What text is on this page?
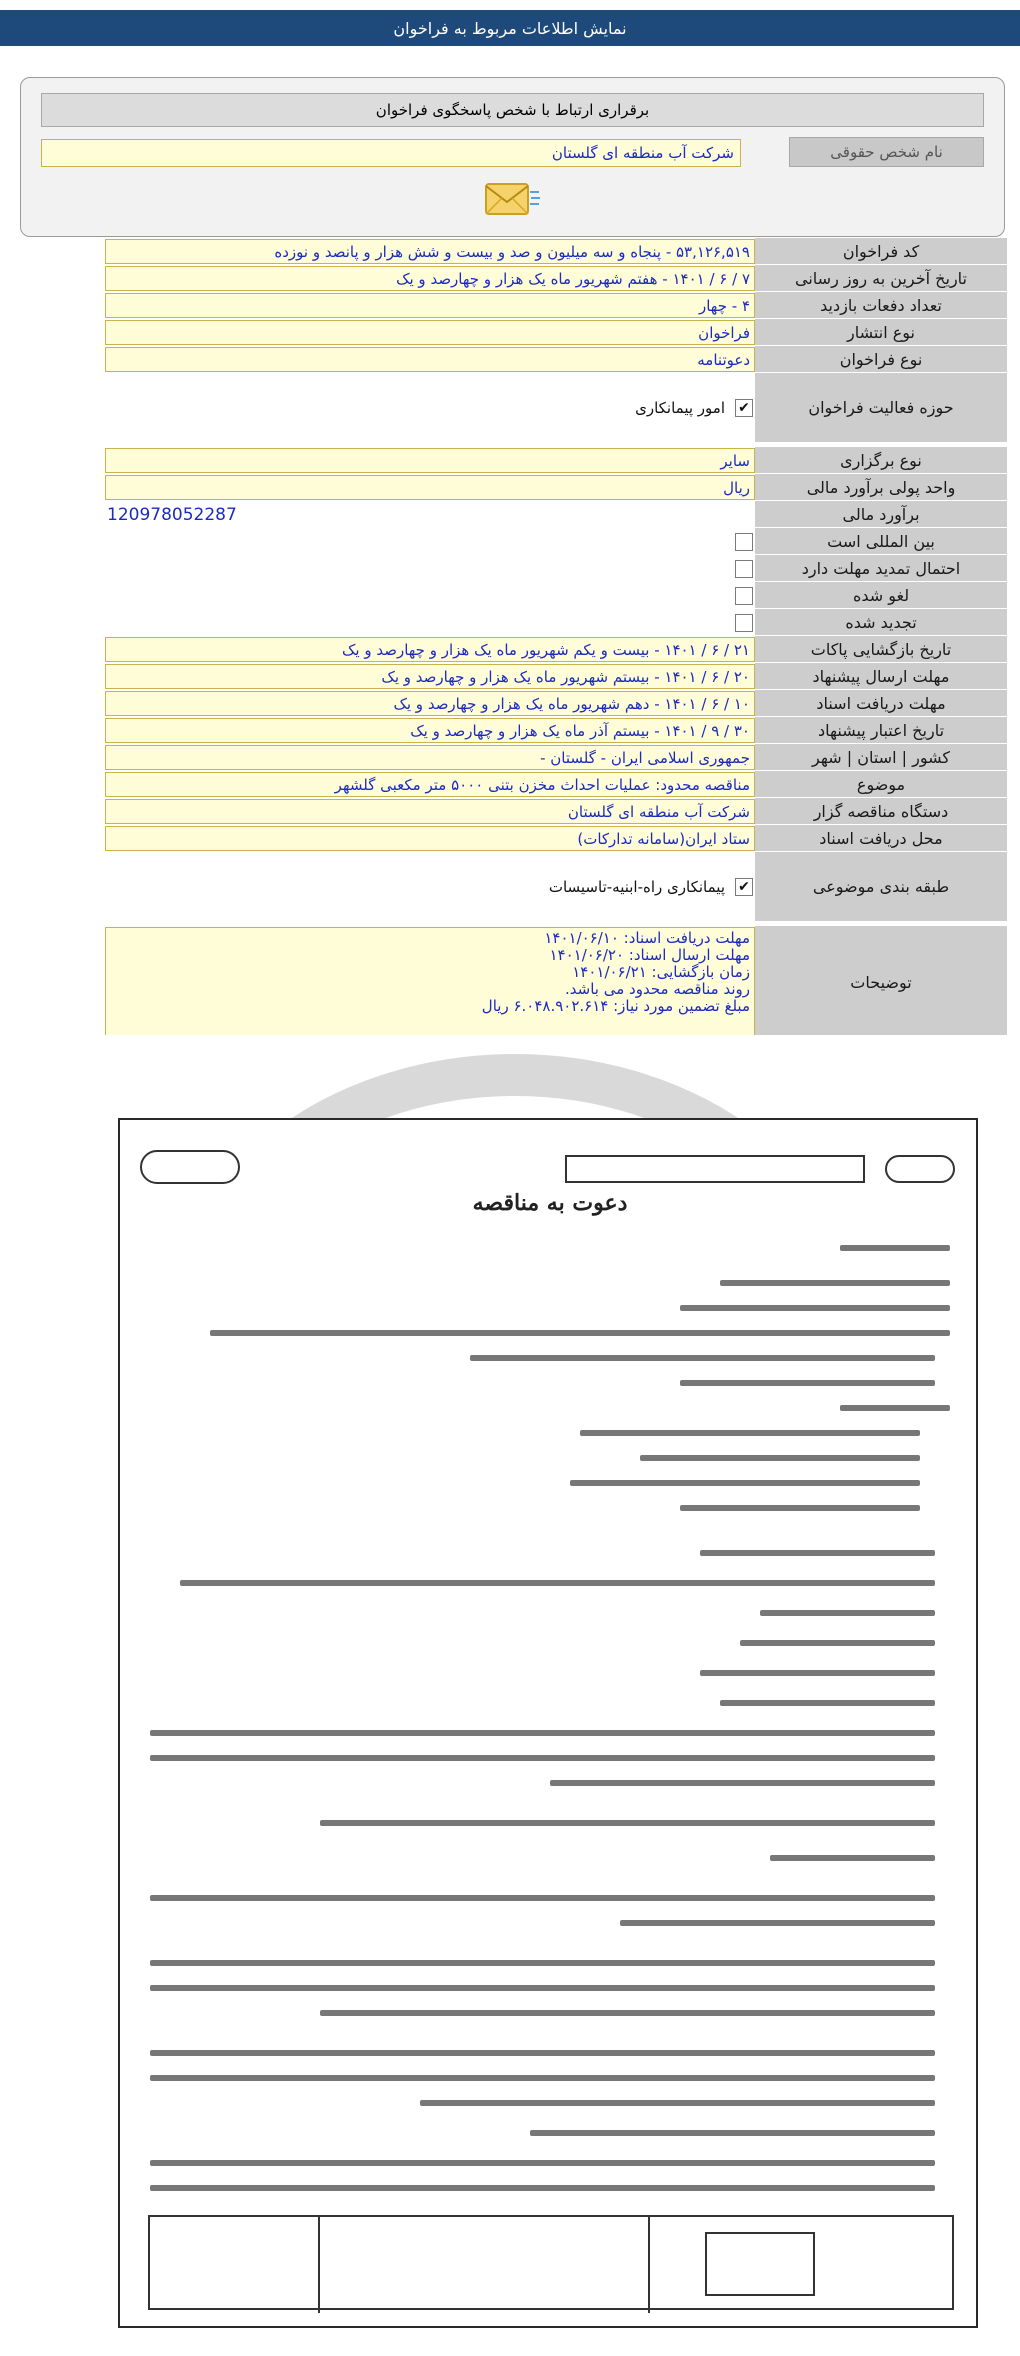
نمایش اطلاعات مربوط به فراخوان
برقراری ارتباط با شخص پاسخگوی فراخوان
نام شخص حقوقی
شرکت آب منطقه ای گلستان
کد فراخوان
۵۳,۱۲۶,۵۱۹ - پنجاه و سه میلیون و صد و بیست و شش هزار و پانصد و نوزده
تاریخ آخرین به روز رسانی
۷ / ۶ / ۱۴۰۱ - هفتم شهریور ماه یک هزار و چهارصد و یک
تعداد دفعات بازدید
۴ - چهار
نوع انتشار
فراخوان
نوع فراخوان
دعوتنامه
حوزه فعالیت فراخوان
✔
امور پیمانکاری
نوع برگزاری
سایر
واحد پولی برآورد مالی
ریال
برآورد مالی
120978052287
بین المللی است
احتمال تمدید مهلت دارد
لغو شده
تجدید شده
تاریخ بازگشایی پاکات
۲۱ / ۶ / ۱۴۰۱ - بیست و یکم شهریور ماه یک هزار و چهارصد و یک
مهلت ارسال پیشنهاد
۲۰ / ۶ / ۱۴۰۱ - بیستم شهریور ماه یک هزار و چهارصد و یک
مهلت دریافت اسناد
۱۰ / ۶ / ۱۴۰۱ - دهم شهریور ماه یک هزار و چهارصد و یک
تاریخ اعتبار پیشنهاد
۳۰ / ۹ / ۱۴۰۱ - بیستم آذر ماه یک هزار و چهارصد و یک
کشور | استان | شهر
جمهوری اسلامی ایران - گلستان -
موضوع
مناقصه محدود: عملیات احداث مخزن بتنی ۵۰۰۰ متر مکعبی گلشهر
دستگاه مناقصه گزار
شرکت آب منطقه ای گلستان
محل دریافت اسناد
ستاد ایران(سامانه تدارکات)
طبقه بندی موضوعی
✔
پیمانکاری راه-ابنیه-تاسیسات
توضیحات
مهلت دریافت اسناد: ۱۴۰۱/۰۶/۱۰
مهلت ارسال اسناد: ۱۴۰۱/۰۶/۲۰
زمان بازگشایی: ۱۴۰۱/۰۶/۲۱
روند مناقصه محدود می باشد.
مبلغ تضمین مورد نیاز: ۶.۰۴۸.۹۰۲.۶۱۴ ریال
دعوت به مناقصه
